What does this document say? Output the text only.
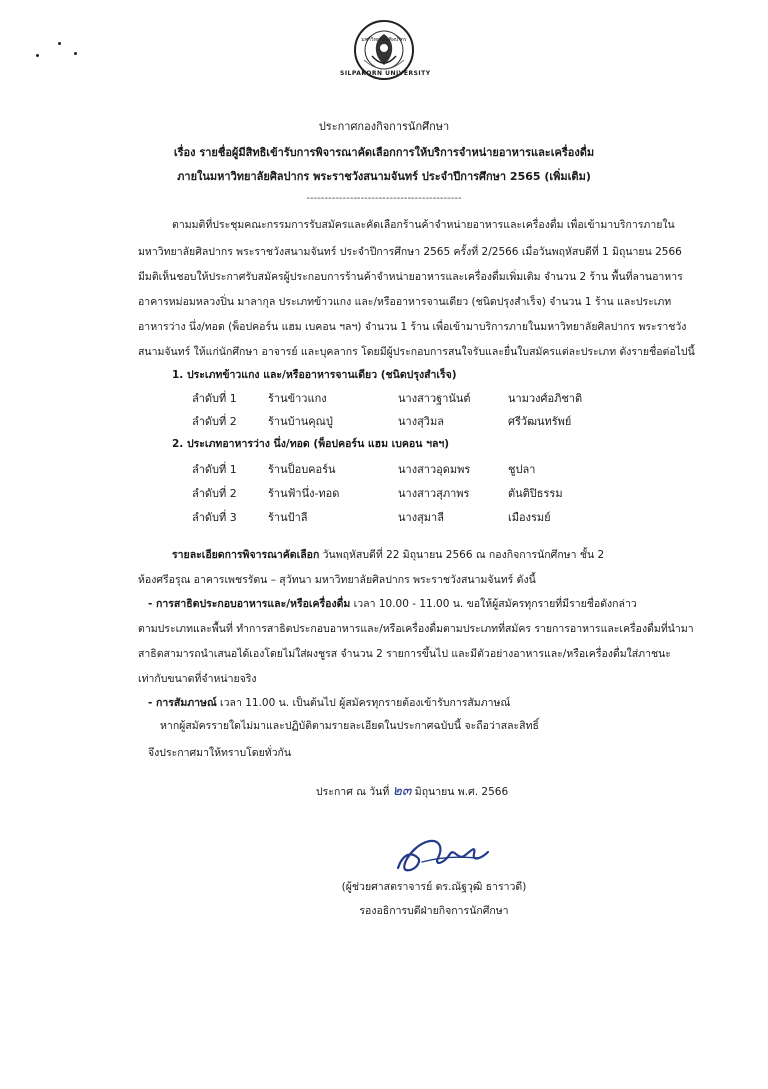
มหาวิทยาลัยศิลปากร
SILPAKORN UNIVERSITY
ประกาศกองกิจการนักศึกษา
เรื่อง รายชื่อผู้มีสิทธิเข้ารับการพิจารณาคัดเลือกการให้บริการจำหน่ายอาหารและเครื่องดื่ม
ภายในมหาวิทยาลัยศิลปากร พระราชวังสนามจันทร์ ประจำปีการศึกษา 2565 (เพิ่มเติม)
-------------------------------------------
ตามมติที่ประชุมคณะกรรมการรับสมัครและคัดเลือกร้านค้าจำหน่ายอาหารและเครื่องดื่ม เพื่อเข้ามาบริการภายใน
มหาวิทยาลัยศิลปากร พระราชวังสนามจันทร์ ประจำปีการศึกษา 2565 ครั้งที่ 2/2566 เมื่อวันพฤหัสบดีที่ 1 มิถุนายน 2566
มีมติเห็นชอบให้ประกาศรับสมัครผู้ประกอบการร้านค้าจำหน่ายอาหารและเครื่องดื่มเพิ่มเติม จำนวน 2 ร้าน พื้นที่ลานอาหาร
อาคารหม่อมหลวงปิ่น มาลากุล ประเภทข้าวแกง และ/หรืออาหารจานเดียว (ชนิดปรุงสำเร็จ) จำนวน 1 ร้าน และประเภท
อาหารว่าง นึ่ง/ทอด (พ็อปคอร์น แฮม เบคอน ฯลฯ) จำนวน 1 ร้าน เพื่อเข้ามาบริการภายในมหาวิทยาลัยศิลปากร พระราชวัง
สนามจันทร์ ให้แก่นักศึกษา อาจารย์ และบุคลากร โดยมีผู้ประกอบการสนใจรับและยื่นใบสมัครแต่ละประเภท ดังรายชื่อต่อไปนี้
1. ประเภทข้าวแกง และ/หรืออาหารจานเดียว (ชนิดปรุงสำเร็จ)
ลำดับที่ 1	ร้านข้าวแกง	นางสาวฐานันต์	นามวงศ์อภิชาติ
ลำดับที่ 2	ร้านบ้านคุณปู่	นางสุวิมล	ศรีวัฒนทรัพย์
2. ประเภทอาหารว่าง นึ่ง/ทอด (พ็อปคอร์น แฮม เบคอน ฯลฯ)
ลำดับที่ 1	ร้านป็อบคอร์น	นางสาวอุดมพร	ชูปลา
ลำดับที่ 2	ร้านฟ้านึ่ง-ทอด	นางสาวสุภาพร	ตันติปิธรรม
ลำดับที่ 3	ร้านป้าลี	นางสุมาลี	เมืองรมย์
รายละเอียดการพิจารณาคัดเลือก วันพฤหัสบดีที่ 22 มิถุนายน 2566 ณ กองกิจการนักศึกษา ชั้น 2
ห้องศรีอรุณ อาคารเพชรรัตน – สุวัทนา มหาวิทยาลัยศิลปากร พระราชวังสนามจันทร์ ดังนี้
- การสาธิตประกอบอาหารและ/หรือเครื่องดื่ม เวลา 10.00 - 11.00 น. ขอให้ผู้สมัครทุกรายที่มีรายชื่อดังกล่าว
ตามประเภทและพื้นที่ ทำการสาธิตประกอบอาหารและ/หรือเครื่องดื่มตามประเภทที่สมัคร รายการอาหารและเครื่องดื่มที่นำมา
สาธิตสามารถนำเสนอได้เองโดยไม่ใส่ผงชูรส จำนวน 2 รายการขึ้นไป และมีตัวอย่างอาหารและ/หรือเครื่องดื่มใส่ภาชนะ
เท่ากับขนาดที่จำหน่ายจริง
- การสัมภาษณ์ เวลา 11.00 น. เป็นต้นไป ผู้สมัครทุกรายต้องเข้ารับการสัมภาษณ์
หากผู้สมัครรายใดไม่มาและปฏิบัติตามรายละเอียดในประกาศฉบับนี้ จะถือว่าสละสิทธิ์
จึงประกาศมาให้ทราบโดยทั่วกัน
ประกาศ ณ วันที่ ๒๓ มิถุนายน พ.ศ. 2566
(ผู้ช่วยศาสตราจารย์ ดร.ณัฐวุฒิ ธาราวดี)
รองอธิการบดีฝ่ายกิจการนักศึกษา
